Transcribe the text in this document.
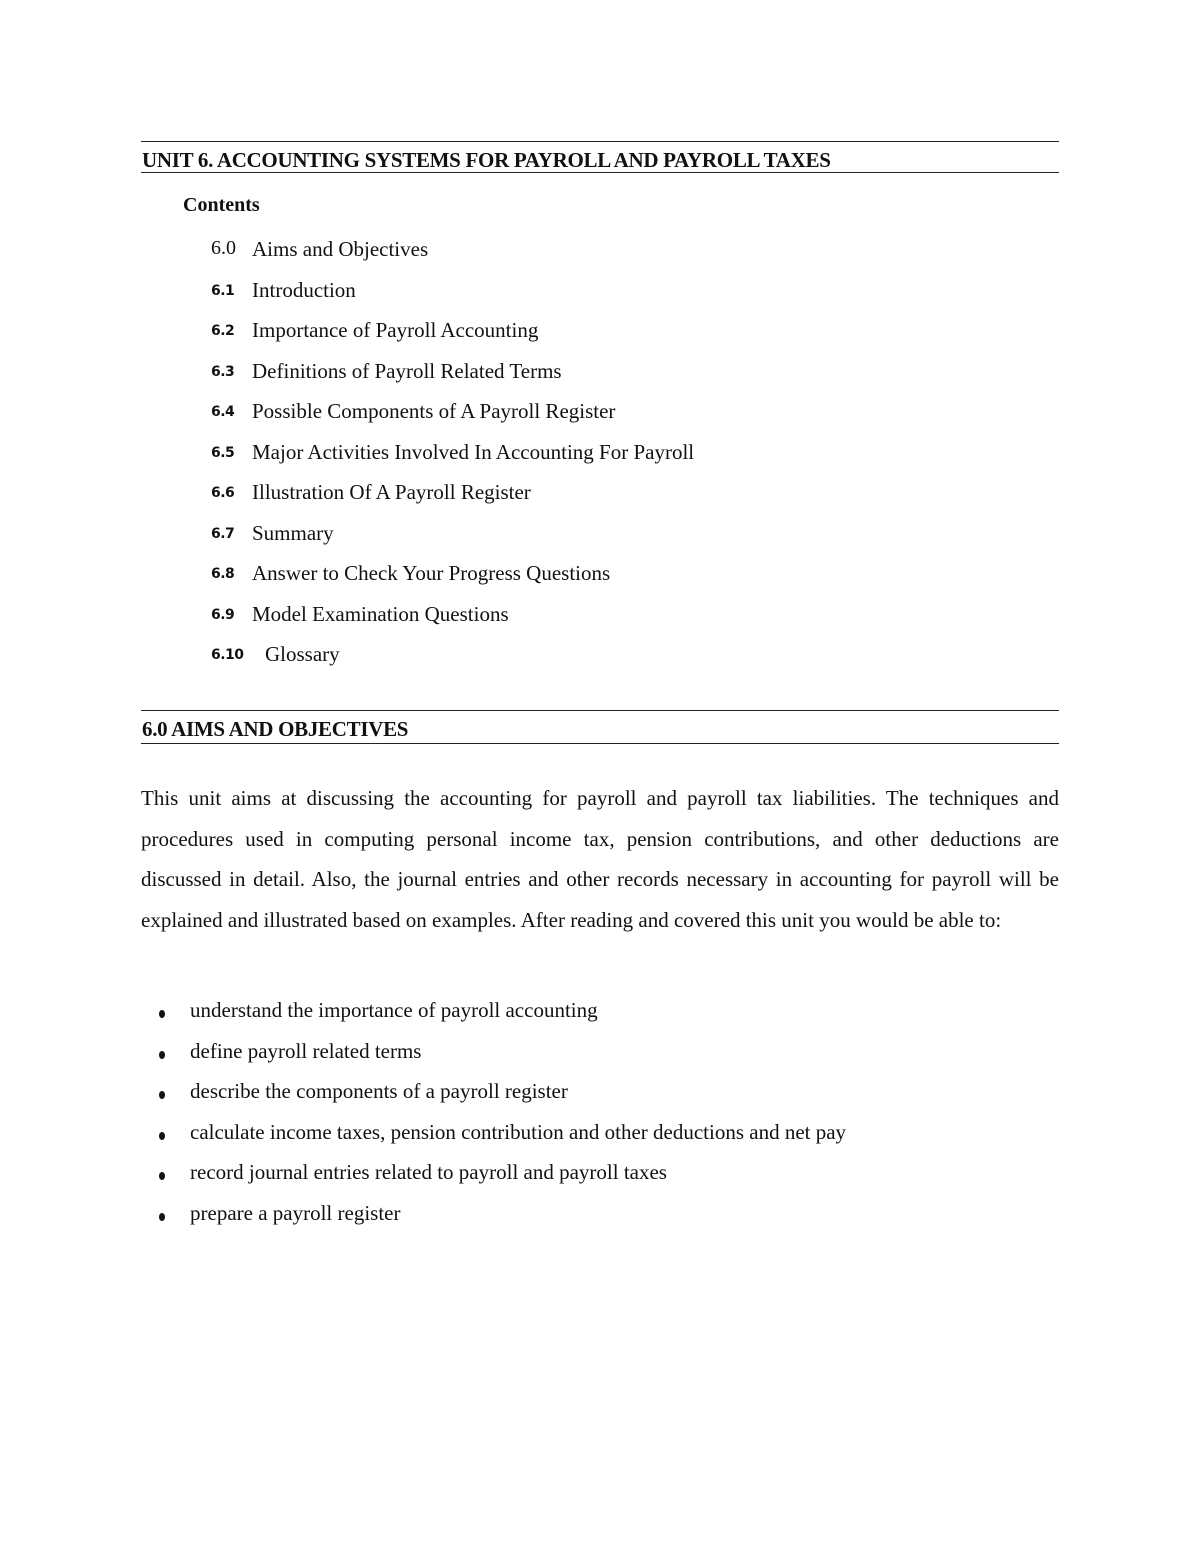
UNIT 6. ACCOUNTING SYSTEMS FOR PAYROLL AND PAYROLL TAXES
Contents
6.0 Aims and Objectives
6.1 Introduction
6.2 Importance of Payroll Accounting
6.3 Definitions of Payroll Related Terms
6.4 Possible Components of A Payroll Register
6.5 Major Activities Involved In Accounting For Payroll
6.6 Illustration Of A Payroll Register
6.7 Summary
6.8 Answer to Check Your Progress Questions
6.9 Model Examination Questions
6.10 Glossary
6.0 AIMS AND OBJECTIVES

This unit aims at discussing the accounting for payroll and payroll tax liabilities. The techniques and procedures used in computing personal income tax, pension contributions, and other deductions are discussed in detail. Also, the journal entries and other records necessary in accounting for payroll will be explained and illustrated based on examples. After reading and covered this unit you would be able to:

understand the importance of payroll accounting
define payroll related terms
describe the components of a payroll register
calculate income taxes, pension contribution and other deductions and net pay
record journal entries related to payroll and payroll taxes
prepare a payroll register
